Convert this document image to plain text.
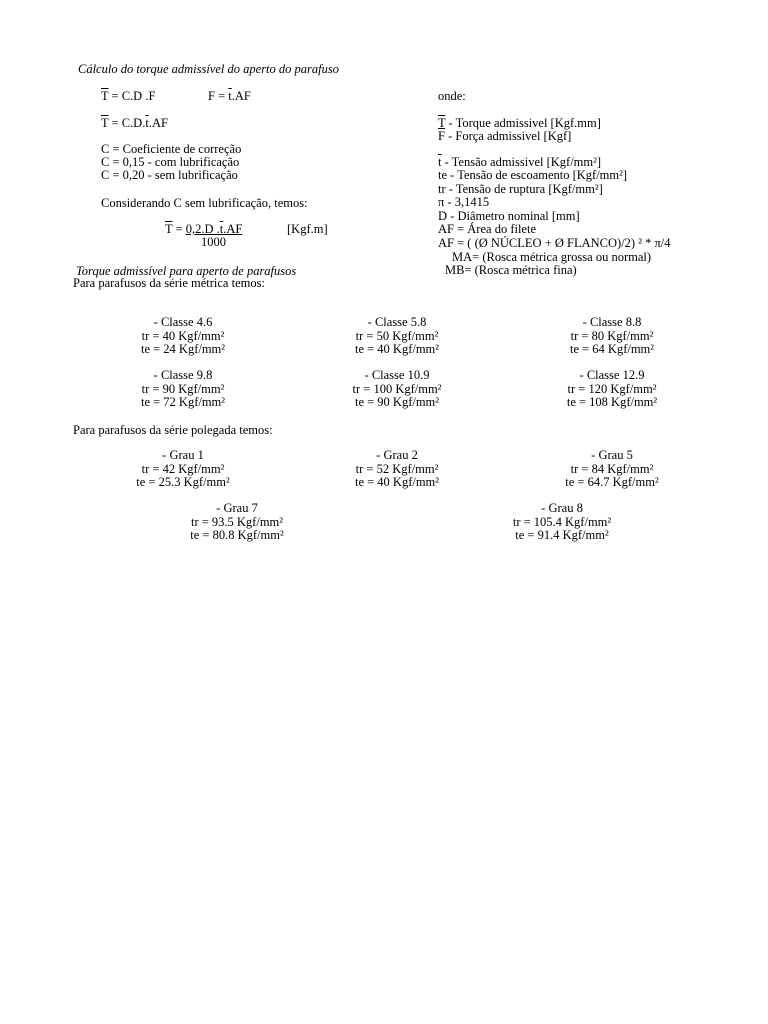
Cálculo do torque admissível do aperto do parafuso
$\overline{T} = C.D$ .F	$F = \overline{t}.AF$
$\overline{T} = C.D.\overline{t}.AF$
C = Coeficiente de correção
C = 0,15 - com lubrificação
C = 0,20 - sem lubrificação
Considerando C sem lubrificação, temos:
$\overline{T} = 0,2.D$ .t.AF
1000
[Kgf.m]
onde:
$\overline{T}$ - Torque admissivel [Kgf.mm]
$\overline{F}$ - Força admissivel [Kgf]
$\overline{t}$ - Tensão admissivel [Kgf/mm²]
te - Tensão de escoamento [Kgf/mm²]
tr - Tensão de ruptura [Kgf/mm²]
π - 3,1415
D - Diâmetro nominal [mm]
AF = Área do filete
AF = ( (Ø NÚCLEO + Ø FLANCO)/2) ² * π/4
MA= (Rosca métrica grossa ou normal)
MB= (Rosca métrica fina)
Torque admissível para aperto de parafusos
Para parafusos da série métrica temos:
- Classe 4.6
tr = 40 Kgf/mm²
te = 24 Kgf/mm²
- Classe 5.8
tr = 50 Kgf/mm²
te = 40 Kgf/mm²
- Classe 8.8
tr = 80 Kgf/mm²
te = 64 Kgf/mm²
- Classe 9.8
tr = 90 Kgf/mm²
te = 72 Kgf/mm²
- Classe 10.9
tr = 100 Kgf/mm²
te = 90 Kgf/mm²
- Classe 12.9
tr = 120 Kgf/mm²
te = 108 Kgf/mm²
Para parafusos da série polegada temos:
- Grau 1
tr = 42 Kgf/mm²
te = 25.3 Kgf/mm²
- Grau 2
tr = 52 Kgf/mm²
te = 40 Kgf/mm²
- Grau 5
tr = 84 Kgf/mm²
te = 64.7 Kgf/mm²
- Grau 7
tr = 93.5 Kgf/mm²
te = 80.8 Kgf/mm²
- Grau 8
tr = 105.4 Kgf/mm²
te = 91.4 Kgf/mm²
